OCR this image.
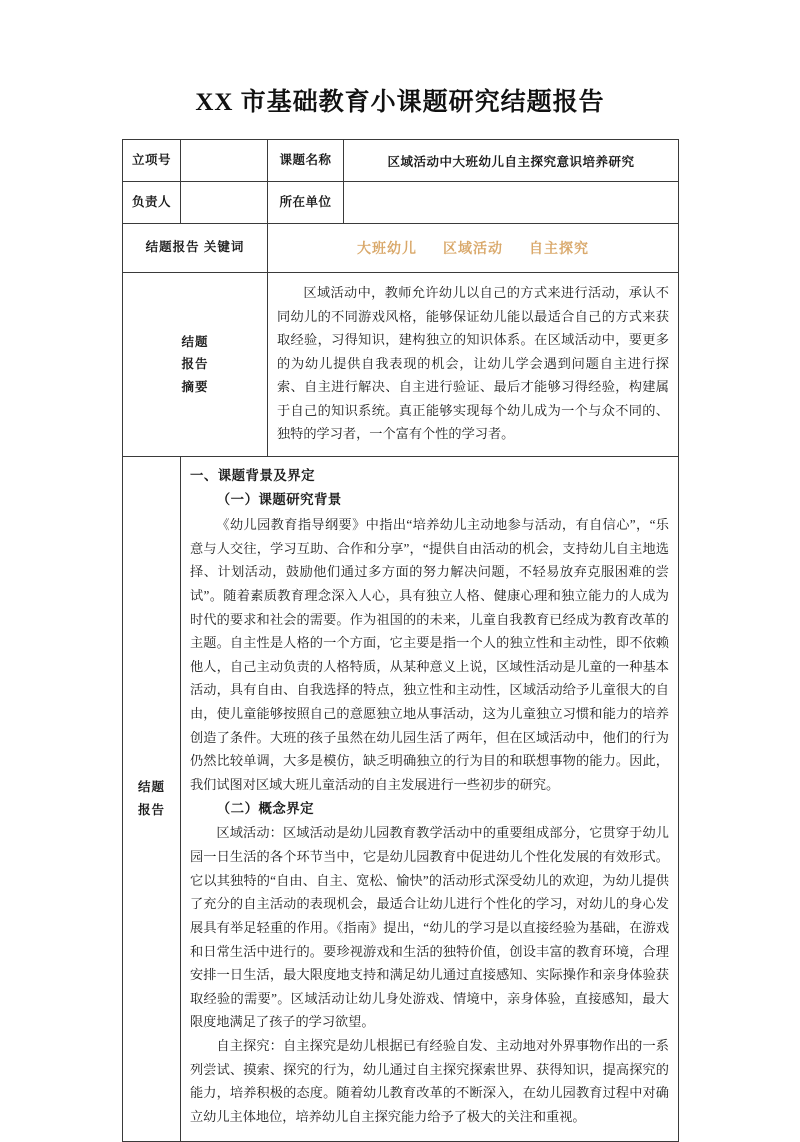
XX 市基础教育小课题研究结题报告
立项号		课题名称	区域活动中大班幼儿自主探究意识培养研究
负责人		所在单位	
结题报告 关键词		大班幼儿 区域活动 自主探究	

结题
报告
摘要		区域活动中，教师允许幼儿以自己的方式来进行活动，承认不同幼儿的不同游戏风格，能够保证幼儿能以最适合自己的方式来获取经验，习得知识，建构独立的知识体系。在区域活动中，要更多的为幼儿提供自我表现的机会，让幼儿学会遇到问题自主进行探索、自主进行解决、自主进行验证、最后才能够习得经验，构建属于自己的知识系统。真正能够实现每个幼儿成为一个与众不同的、独特的学习者，一个富有个性的学习者。	

结题
报告

一、课题背景及界定
（一）课题研究背景

《幼儿园教育指导纲要》中指出“培养幼儿主动地参与活动，有自信心”，“乐意与人交往，学习互助、合作和分享”，“提供自由活动的机会，支持幼儿自主地选择、计划活动，鼓励他们通过多方面的努力解决问题，不轻易放弃克服困难的尝试”。随着素质教育理念深入人心，具有独立人格、健康心理和独立能力的人成为时代的要求和社会的需要。作为祖国的的未来，儿童自我教育已经成为教育改革的主题。自主性是人格的一个方面，它主要是指一个人的独立性和主动性，即不依赖他人，自己主动负责的人格特质，从某种意义上说，区域性活动是儿童的一种基本活动，具有自由、自我选择的特点，独立性和主动性，区域活动给予儿童很大的自由，使儿童能够按照自己的意愿独立地从事活动，这为儿童独立习惯和能力的培养创造了条件。大班的孩子虽然在幼儿园生活了两年，但在区域活动中，他们的行为仍然比较单调，大多是模仿，缺乏明确独立的行为目的和联想事物的能力。因此，我们试图对区域大班儿童活动的自主发展进行一些初步的研究。

（二）概念界定

区域活动：区域活动是幼儿园教育教学活动中的重要组成部分，它贯穿于幼儿园一日生活的各个环节当中，它是幼儿园教育中促进幼儿个性化发展的有效形式。它以其独特的“自由、自主、宽松、愉快”的活动形式深受幼儿的欢迎，为幼儿提供了充分的自主活动的表现机会，最适合让幼儿进行个性化的学习，对幼儿的身心发展具有举足轻重的作用。《指南》提出，“幼儿的学习是以直接经验为基础，在游戏和日常生活中进行的。要珍视游戏和生活的独特价值，创设丰富的教育环境，合理安排一日生活，最大限度地支持和满足幼儿通过直接感知、实际操作和亲身体验获取经验的需要”。区域活动让幼儿身处游戏、情境中，亲身体验，直接感知，最大限度地满足了孩子的学习欲望。

自主探究：自主探究是幼儿根据已有经验自发、主动地对外界事物作出的一系列尝试、摸索、探究的行为，幼儿通过自主探究探索世界、获得知识，提高探究的能力，培养积极的态度。随着幼儿教育改革的不断深入，在幼儿园教育过程中对确立幼儿主体地位，培养幼儿自主探究能力给予了极大的关注和重视。
